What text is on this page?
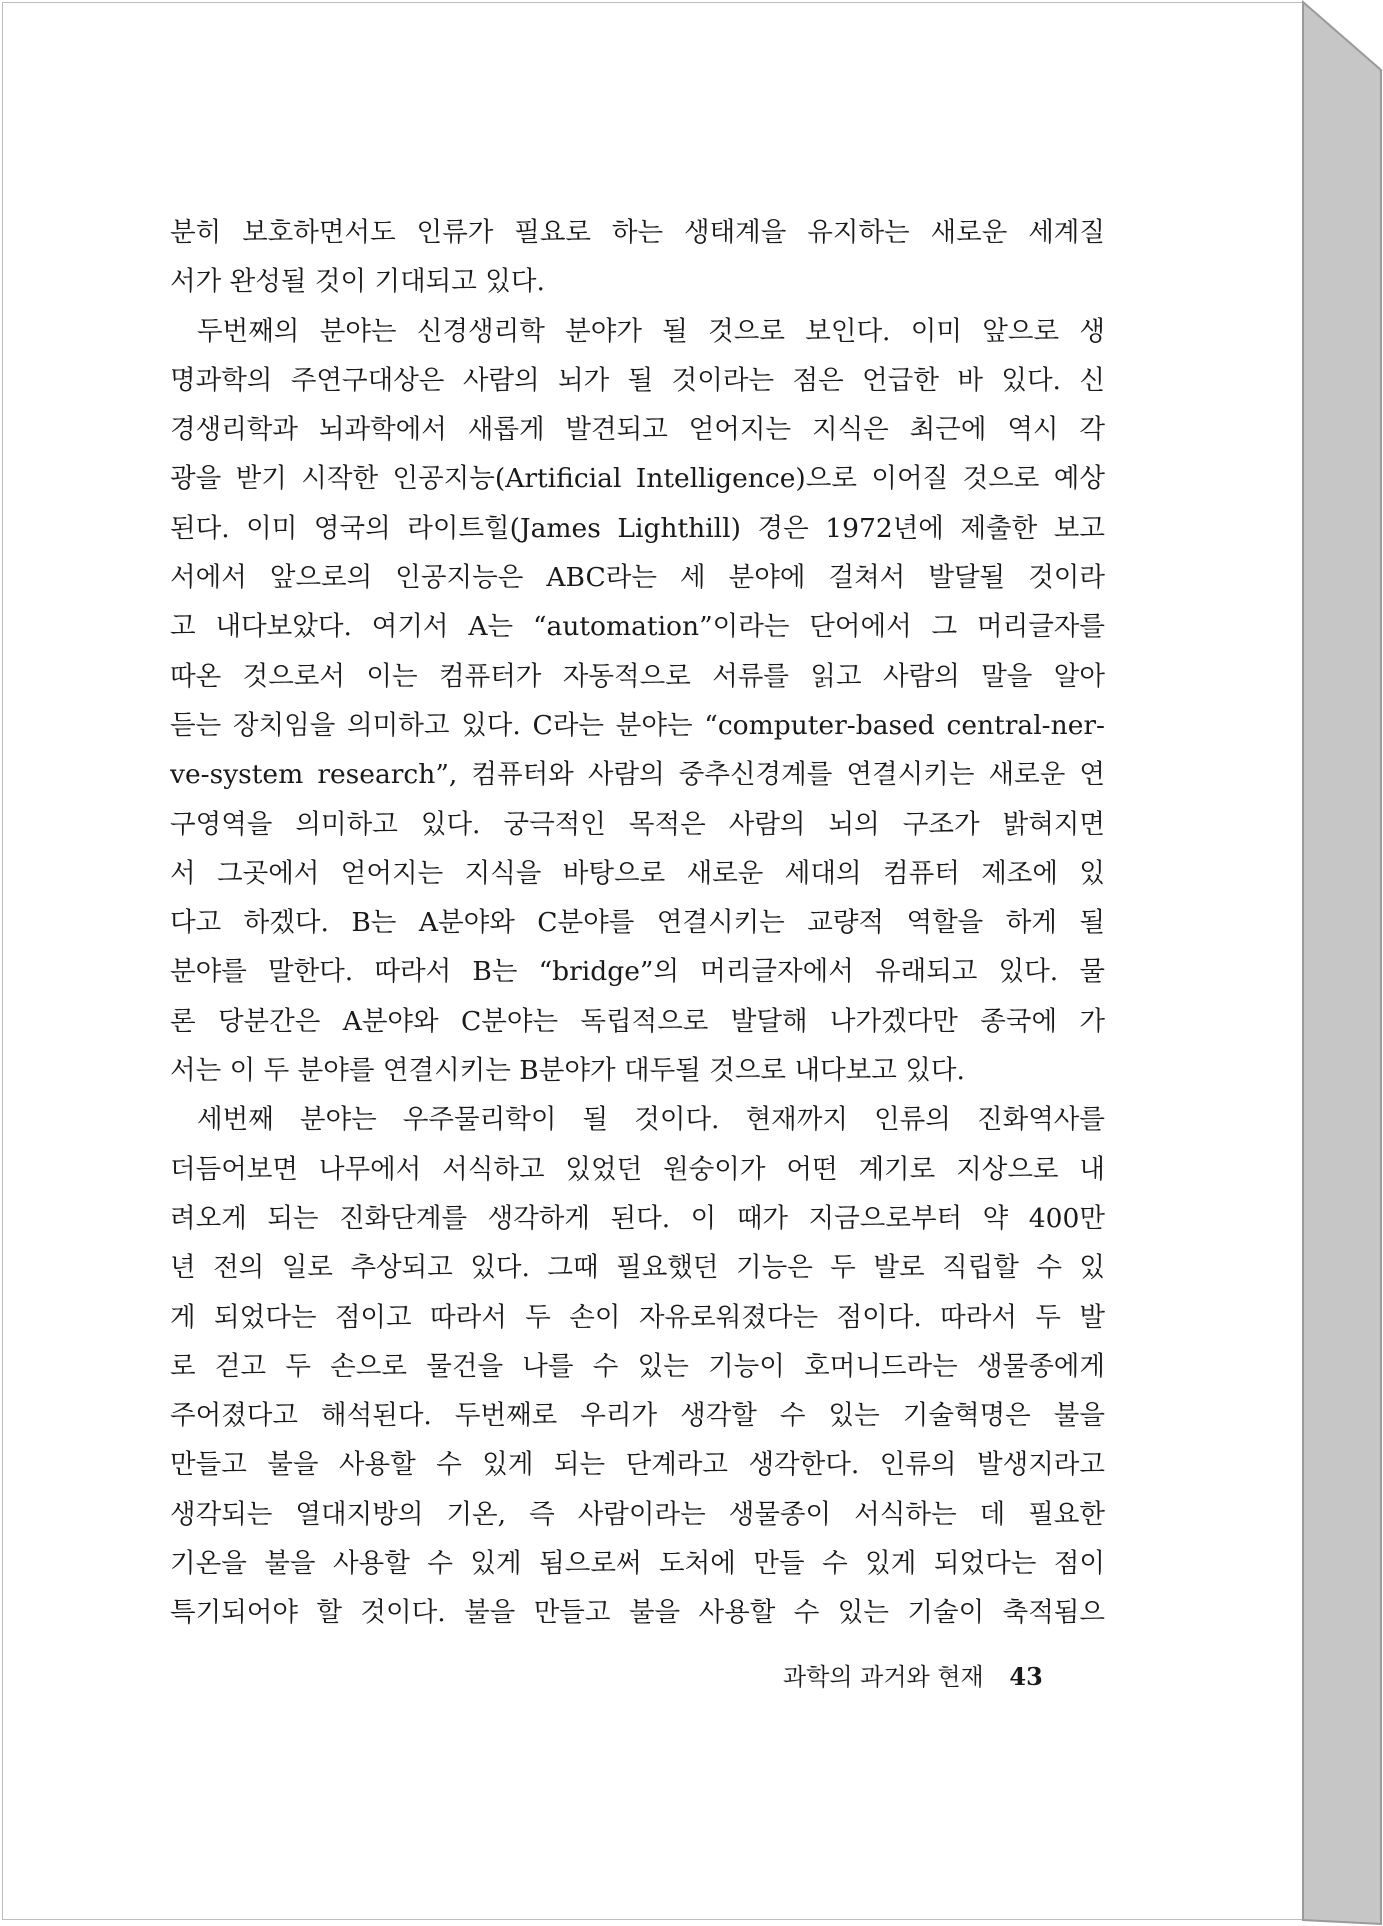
분히 보호하면서도 인류가 필요로 하는 생태계을 유지하는 새로운 세계질
서가 완성될 것이 기대되고 있다.
두번째의 분야는 신경생리학 분야가 될 것으로 보인다. 이미 앞으로 생
명과학의 주연구대상은 사람의 뇌가 될 것이라는 점은 언급한 바 있다. 신
경생리학과 뇌과학에서 새롭게 발견되고 얻어지는 지식은 최근에 역시 각
광을 받기 시작한 인공지능(Artificial Intelligence)으로 이어질 것으로 예상
된다. 이미 영국의 라이트힐(James Lighthill) 경은 1972년에 제출한 보고
서에서 앞으로의 인공지능은 ABC라는 세 분야에 걸쳐서 발달될 것이라
고 내다보았다. 여기서 A는 “automation”이라는 단어에서 그 머리글자를
따온 것으로서 이는 컴퓨터가 자동적으로 서류를 읽고 사람의 말을 알아
듣는 장치임을 의미하고 있다. C라는 분야는 “computer-based central-ner-
ve-system research”, 컴퓨터와 사람의 중추신경계를 연결시키는 새로운 연
구영역을 의미하고 있다. 궁극적인 목적은 사람의 뇌의 구조가 밝혀지면
서 그곳에서 얻어지는 지식을 바탕으로 새로운 세대의 컴퓨터 제조에 있
다고 하겠다. B는 A분야와 C분야를 연결시키는 교량적 역할을 하게 될
분야를 말한다. 따라서 B는 “bridge”의 머리글자에서 유래되고 있다. 물
론 당분간은 A분야와 C분야는 독립적으로 발달해 나가겠다만 종국에 가
서는 이 두 분야를 연결시키는 B분야가 대두될 것으로 내다보고 있다.
세번째 분야는 우주물리학이 될 것이다. 현재까지 인류의 진화역사를
더듬어보면 나무에서 서식하고 있었던 원숭이가 어떤 계기로 지상으로 내
려오게 되는 진화단계를 생각하게 된다. 이 때가 지금으로부터 약 400만
년 전의 일로 추상되고 있다. 그때 필요했던 기능은 두 발로 직립할 수 있
게 되었다는 점이고 따라서 두 손이 자유로워졌다는 점이다. 따라서 두 발
로 걷고 두 손으로 물건을 나를 수 있는 기능이 호머니드라는 생물종에게
주어졌다고 해석된다. 두번째로 우리가 생각할 수 있는 기술혁명은 불을
만들고 불을 사용할 수 있게 되는 단계라고 생각한다. 인류의 발생지라고
생각되는 열대지방의 기온, 즉 사람이라는 생물종이 서식하는 데 필요한
기온을 불을 사용할 수 있게 됨으로써 도처에 만들 수 있게 되었다는 점이
특기되어야 할 것이다. 불을 만들고 불을 사용할 수 있는 기술이 축적됨으
과학의 과거와 현재 43
